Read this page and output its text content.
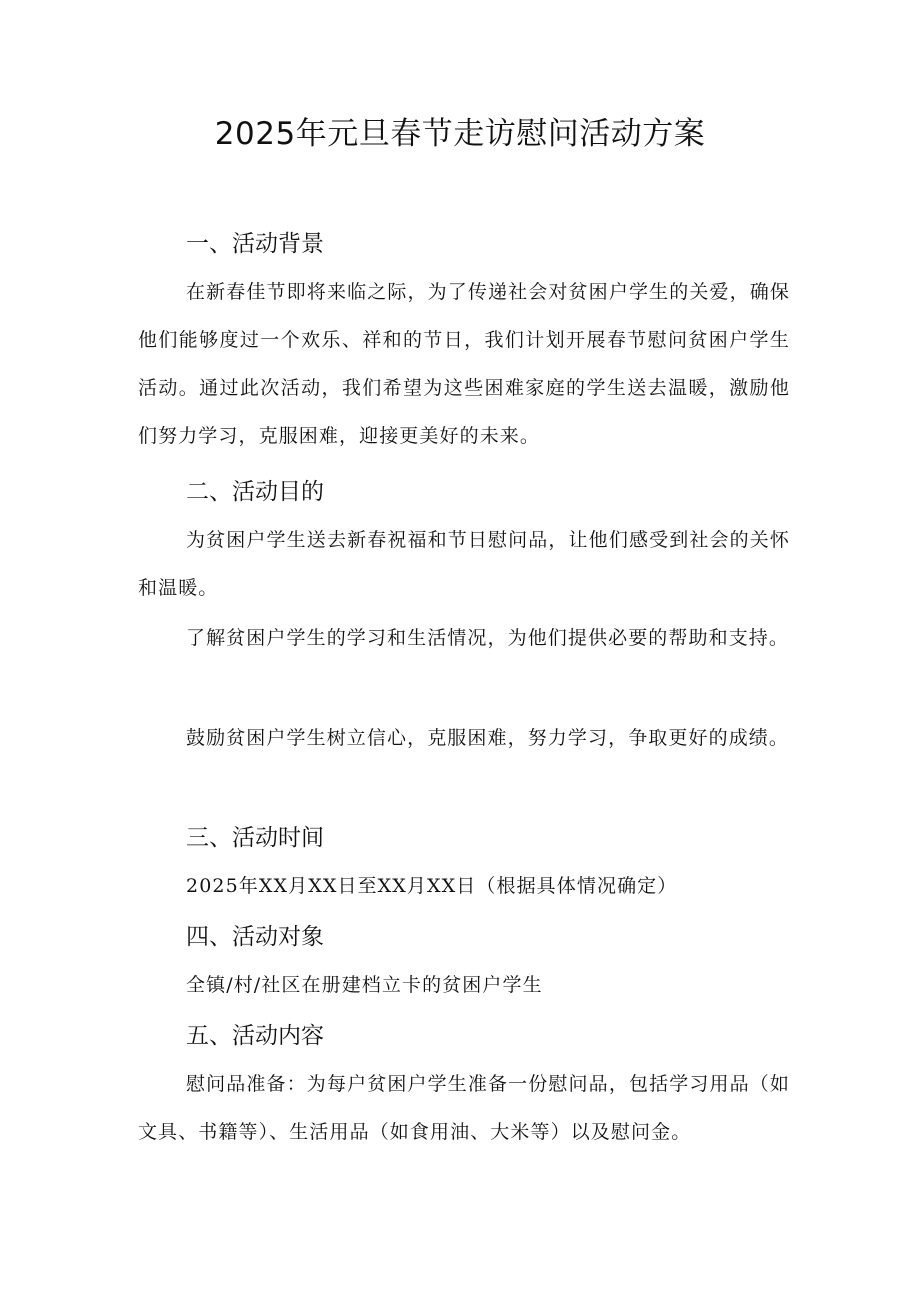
2025年元旦春节走访慰问活动方案
一、活动背景

在新春佳节即将来临之际，为了传递社会对贫困户学生的关爱，确保他们能够度过一个欢乐、祥和的节日，我们计划开展春节慰问贫困户学生活动。通过此次活动，我们希望为这些困难家庭的学生送去温暖，激励他们努力学习，克服困难，迎接更美好的未来。

二、活动目的

为贫困户学生送去新春祝福和节日慰问品，让他们感受到社会的关怀和温暖。

了解贫困户学生的学习和生活情况，为他们提供必要的帮助和支持。

鼓励贫困户学生树立信心，克服困难，努力学习，争取更好的成绩。

三、活动时间
2025年XX月XX日至XX月XX日（根据具体情况确定）
四、活动对象
全镇/村/社区在册建档立卡的贫困户学生
五、活动内容

慰问品准备：为每户贫困户学生准备一份慰问品，包括学习用品（如文具、书籍等）、生活用品（如食用油、大米等）以及慰问金。
